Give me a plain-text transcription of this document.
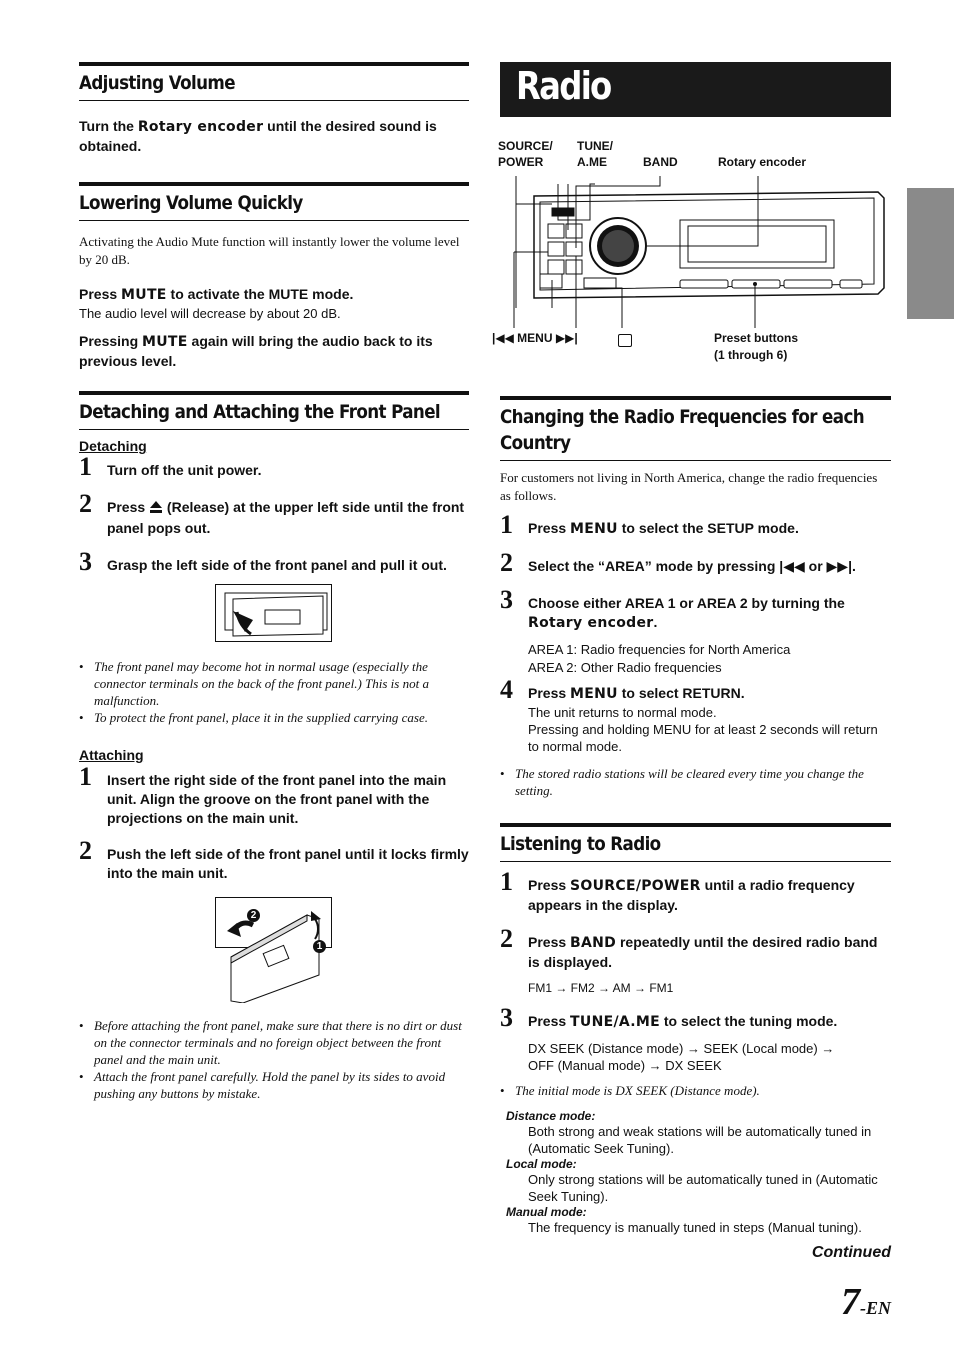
Adjusting Volume
Turn the Rotary encoder until the desired sound is obtained.
Lowering Volume Quickly
Activating the Audio Mute function will instantly lower the volume level by 20 dB.
Press MUTE to activate the MUTE mode.
The audio level will decrease by about 20 dB.
Pressing MUTE again will bring the audio back to its previous level.
Detaching and Attaching the Front Panel
Detaching
1 Turn off the unit power.
2 Press  (Release) at the upper left side until the front panel pops out.
3 Grasp the left side of the front panel and pull it out.
• The front panel may become hot in normal usage (especially the connector terminals on the back of the front panel.) This is not a malfunction.
• To protect the front panel, place it in the supplied carrying case.
Attaching
1 Insert the right side of the front panel into the main unit. Align the groove on the front panel with the projections on the main unit.
2 Push the left side of the front panel until it locks firmly into the main unit.
2
1
• Before attaching the front panel, make sure that there is no dirt or dust on the connector terminals and no foreign object between the front panel and the main unit.
• Attach the front panel carefully. Hold the panel by its sides to avoid pushing any buttons by mistake.
Radio
SOURCE/
POWER
TUNE/
A.ME	BAND	Rotary encoder
|◀◀ MENU ▶▶|	Preset buttons
(1 through 6)
Changing the Radio Frequencies for each
Country
For customers not living in North America, change the radio frequencies as follows.
1 Press MENU to select the SETUP mode.
2 Select the “AREA” mode by pressing |◀◀ or ▶▶|.
3 Choose either AREA 1 or AREA 2 by turning the Rotary encoder.
AREA 1: Radio frequencies for North America
AREA 2: Other Radio frequencies
4 Press MENU to select RETURN.
The unit returns to normal mode.
Pressing and holding MENU for at least 2 seconds will return to normal mode.
• The stored radio stations will be cleared every time you change the setting.
Listening to Radio
1 Press SOURCE/POWER until a radio frequency appears in the display.
2 Press BAND repeatedly until the desired radio band is displayed.
FM1 → FM2 → AM → FM1
3 Press TUNE/A.ME to select the tuning mode.
DX SEEK (Distance mode) → SEEK (Local mode) →
OFF (Manual mode) → DX SEEK
• The initial mode is DX SEEK (Distance mode).
Distance mode:
Both strong and weak stations will be automatically tuned in (Automatic Seek Tuning).
Local mode:
Only strong stations will be automatically tuned in (Automatic Seek Tuning).
Manual mode:
The frequency is manually tuned in steps (Manual tuning).
Continued
7-EN
